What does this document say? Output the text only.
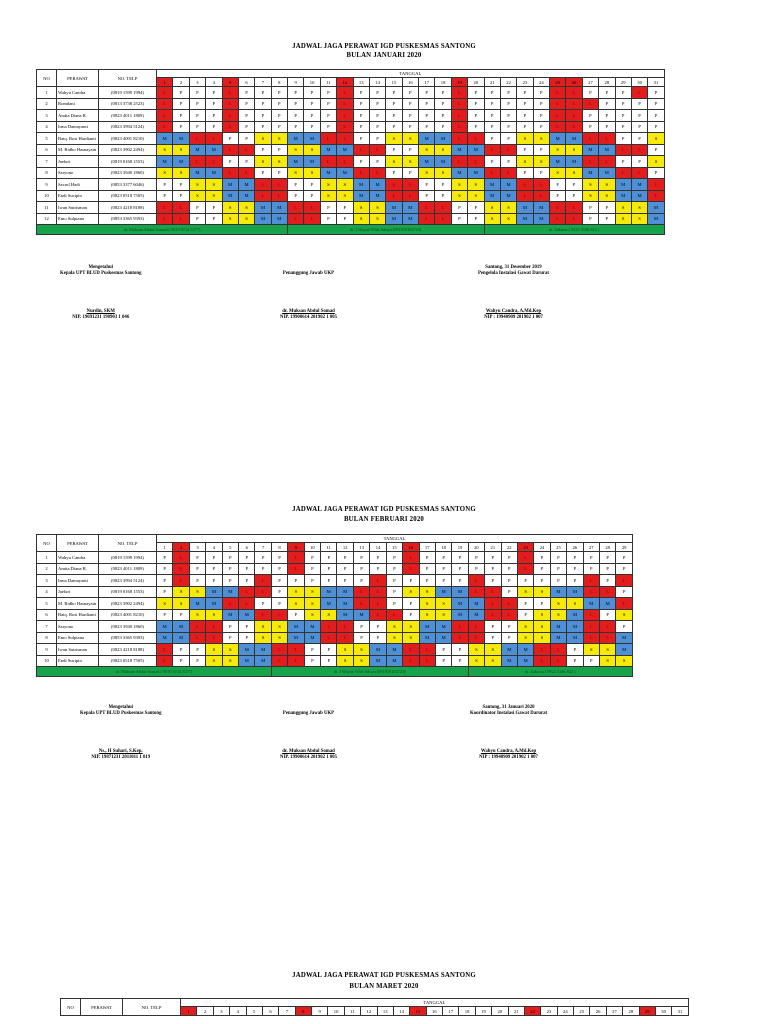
JADWAL JAGA PERAWAT IGD PUSKESMAS SANTONG
BULAN JANUARI 2020
NO	PERAWAT	NO. TELP	TANGGAL																														
			1	2	3	4	5	6	7	8	9	10	11	12	13	14	15	16	17	18	19	20	21	22	23	24	25	26	27	28	29	30	31
1	Wahyu Candra	(0819 1599 1994)	L	P	P	P	L	P	P	P	P	P	P	L	P	P	P	P	P	P	L	P	P	P	P	P	L	L	P	P	P	L	P
2	Romdani	(0813 3738 2523)	L	P	P	P	L	P	P	P	P	P	P	L	P	P	P	P	P	P	L	P	P	P	P	P	L	L	L	P	P	P	P
3	Amita Diana R.	(0823 4011 1809)	L	P	P	P	L	P	P	P	P	P	P	L	P	P	P	P	P	P	L	P	P	P	P	P	L	L	P	P	P	P	P
4	Irma Damayanti	(0823 3994 5124)	L	P	P	P	L	P	P	P	P	P	P	L	P	P	P	P	P	P	L	P	P	P	P	P	L	L	P	P	P	P	P
5	Baiq. Rosi Hardianti	(0823 4001 8210)	M	M	L	L	P	P	S	S	M	M	L	L	P	P	S	S	M	M	L	L	P	P	S	S	M	M	L	L	P	P	S
6	M. Ridho Hasnayain	(0823 3902 2494)	S	S	M	M	L	L	P	P	S	S	M	M	L	L	P	P	S	S	M	M	L	L	P	P	S	S	M	M	L	L	P
7	Jaeluri	(0819 0168 1553)	M	M	L	L	P	P	S	S	M	M	L	L	P	P	S	S	M	M	L	L	P	P	S	S	M	M	L	L	P	P	S
8	Saryono	(0823 3940 1860)	S	S	M	M	L	L	P	P	S	S	M	M	L	L	P	P	S	S	M	M	L	L	P	P	S	S	M	M	L	L	P
9	Sacrul Hadi	(0853 3377 6046)	P	P	S	S	M	M	L	L	P	P	S	S	M	M	L	L	P	P	S	S	M	M	L	L	P	P	S	S	M	M	L
10	Endi Sucipto	(0823 0518 7505)	P	P	S	S	M	M	L	L	P	P	S	S	M	M	L	L	P	P	S	S	M	M	L	L	P	P	S	S	M	M	L
11	Iwan Sutrisman	(0823 4218 8188)	L	L	P	P	S	S	M	M	L	L	P	P	S	S	M	M	L	L	P	P	S	S	M	M	L	L	P	P	S	S	M
12	Emo Sulpiana	(0853 3365 9393)	L	L	P	P	S	S	M	M	L	L	P	P	S	S	M	M	L	L	P	P	S	S	M	M	L	L	P	P	S	S	M
dr. Muksan Abdul Somad ( 0819 0714 3377)											dr. I Wayan Widi Aditya (081916104723)												dr. Zakaria ( 0822 3146 822 )										
Mengetahui
Kepala UPT BLUD Puskesmas Santong
Nurdin, SKM
NIP. 19691231 198903 1 046

Penanggung Jawab UKP
dr. Muksan Abdul Somad
NIP. 19900614 201902 1 005
Santong, 31 Desember 2019
Pengelola Instalasi Gawat Darurat
Wahyu Candra, A.Md.Kep
NIP : 19940909 201902 1 007
JADWAL JAGA PERAWAT IGD PUSKESMAS SANTONG
BULAN FEBRUARI 2020
NO	PERAWAT	NO. TELP	TANGGAL																												
			1	2	3	4	5	6	7	8	9	10	11	12	13	14	15	16	17	18	19	20	21	22	23	24	25	26	27	28	29
1	Wahyu Candra	(0819 1599 1994)	P	L	P	P	P	P	P	P	L	P	P	P	P	P	P	L	P	P	P	P	P	P	L	P	P	P	P	P	P
2	Amita Diana R.	(0823 4011 1809)	P	L	P	P	P	P	P	P	L	P	P	P	P	P	P	L	P	P	P	P	P	P	L	P	P	P	P	P	P
3	Irma Damayanti	(0823 3994 5124)	P	L	P	P	P	P	L	P	P	P	P	P	P	L	P	P	P	P	P	L	P	P	P	P	P	P	L	P	L
4	Jaeluri	(0819 0168 1553)	P	S	S	M	M	L	L	P	S	S	M	M	L	L	P	S	S	M	M	L	L	P	S	S	M	M	L	L	P
5	M. Ridho Hasnayain	(0823 3902 2494)	S	S	M	M	L	L	P	P	S	S	M	M	L	L	P	P	S	S	M	M	L	L	P	P	S	S	M	M	L
6	Baiq. Rosi Hardianti	(0823 4001 8210)	P	P	S	S	M	M	L	L	P	S	S	M	M	L	L	P	S	S	M	M	L	L	P	S	S	M	L	P	S
7	Saryono	(0823 3940 1860)	M	M	L	L	P	P	S	S	M	M	L	L	P	P	S	S	M	M	L	L	P	P	S	S	M	M	L	L	P
8	Emo Sulpiana	(0853 3365 9393)	M	M	L	L	P	P	S	S	M	M	L	L	P	P	S	S	M	M	L	L	P	P	S	S	M	M	L	L	M
9	Iwan Sutrisman	(0823 4218 8188)	L	P	P	S	S	M	M	L	L	P	P	S	S	M	M	L	L	P	P	S	S	M	M	L	L	P	S	S	M
10	Endi Sucipto	(0823 0518 7505)	L	P	P	S	S	M	M	L	L	P	P	S	S	M	M	L	L	P	P	S	S	M	M	L	L	P	P	S	S
dr. Muksan Abdul Somad ( 0819 0714 3377)										dr. I Wayan Widi Aditya (081916104723)												dr. Zakaria ( 0822 3146 822 )									
Mengetahui
Kepala UPT BLUD Puskesmas Santong
Ns., H Suhari, S.Kep.
NIP. 19871231 2011011 1 019

Penanggung Jawab UKP
dr. Muksan Abdul Somad
NIP. 19900614 201902 1 005
Santong, 31 Januari 2020
Koordinator Instalasi Gawat Darurat
Wahyu Candra, A.Md.Kep
NIP : 19940909 201902 1 007
JADWAL JAGA PERAWAT IGD PUSKESMAS SANTONG
BULAN MARET 2020
NO	PERAWAT	NO. TELP	TANGGAL																														
			1	2	3	4	5	6	7	8	9	10	11	12	13	14	15	16	17	18	19	20	21	22	23	24	25	26	27	28	29	30	31
